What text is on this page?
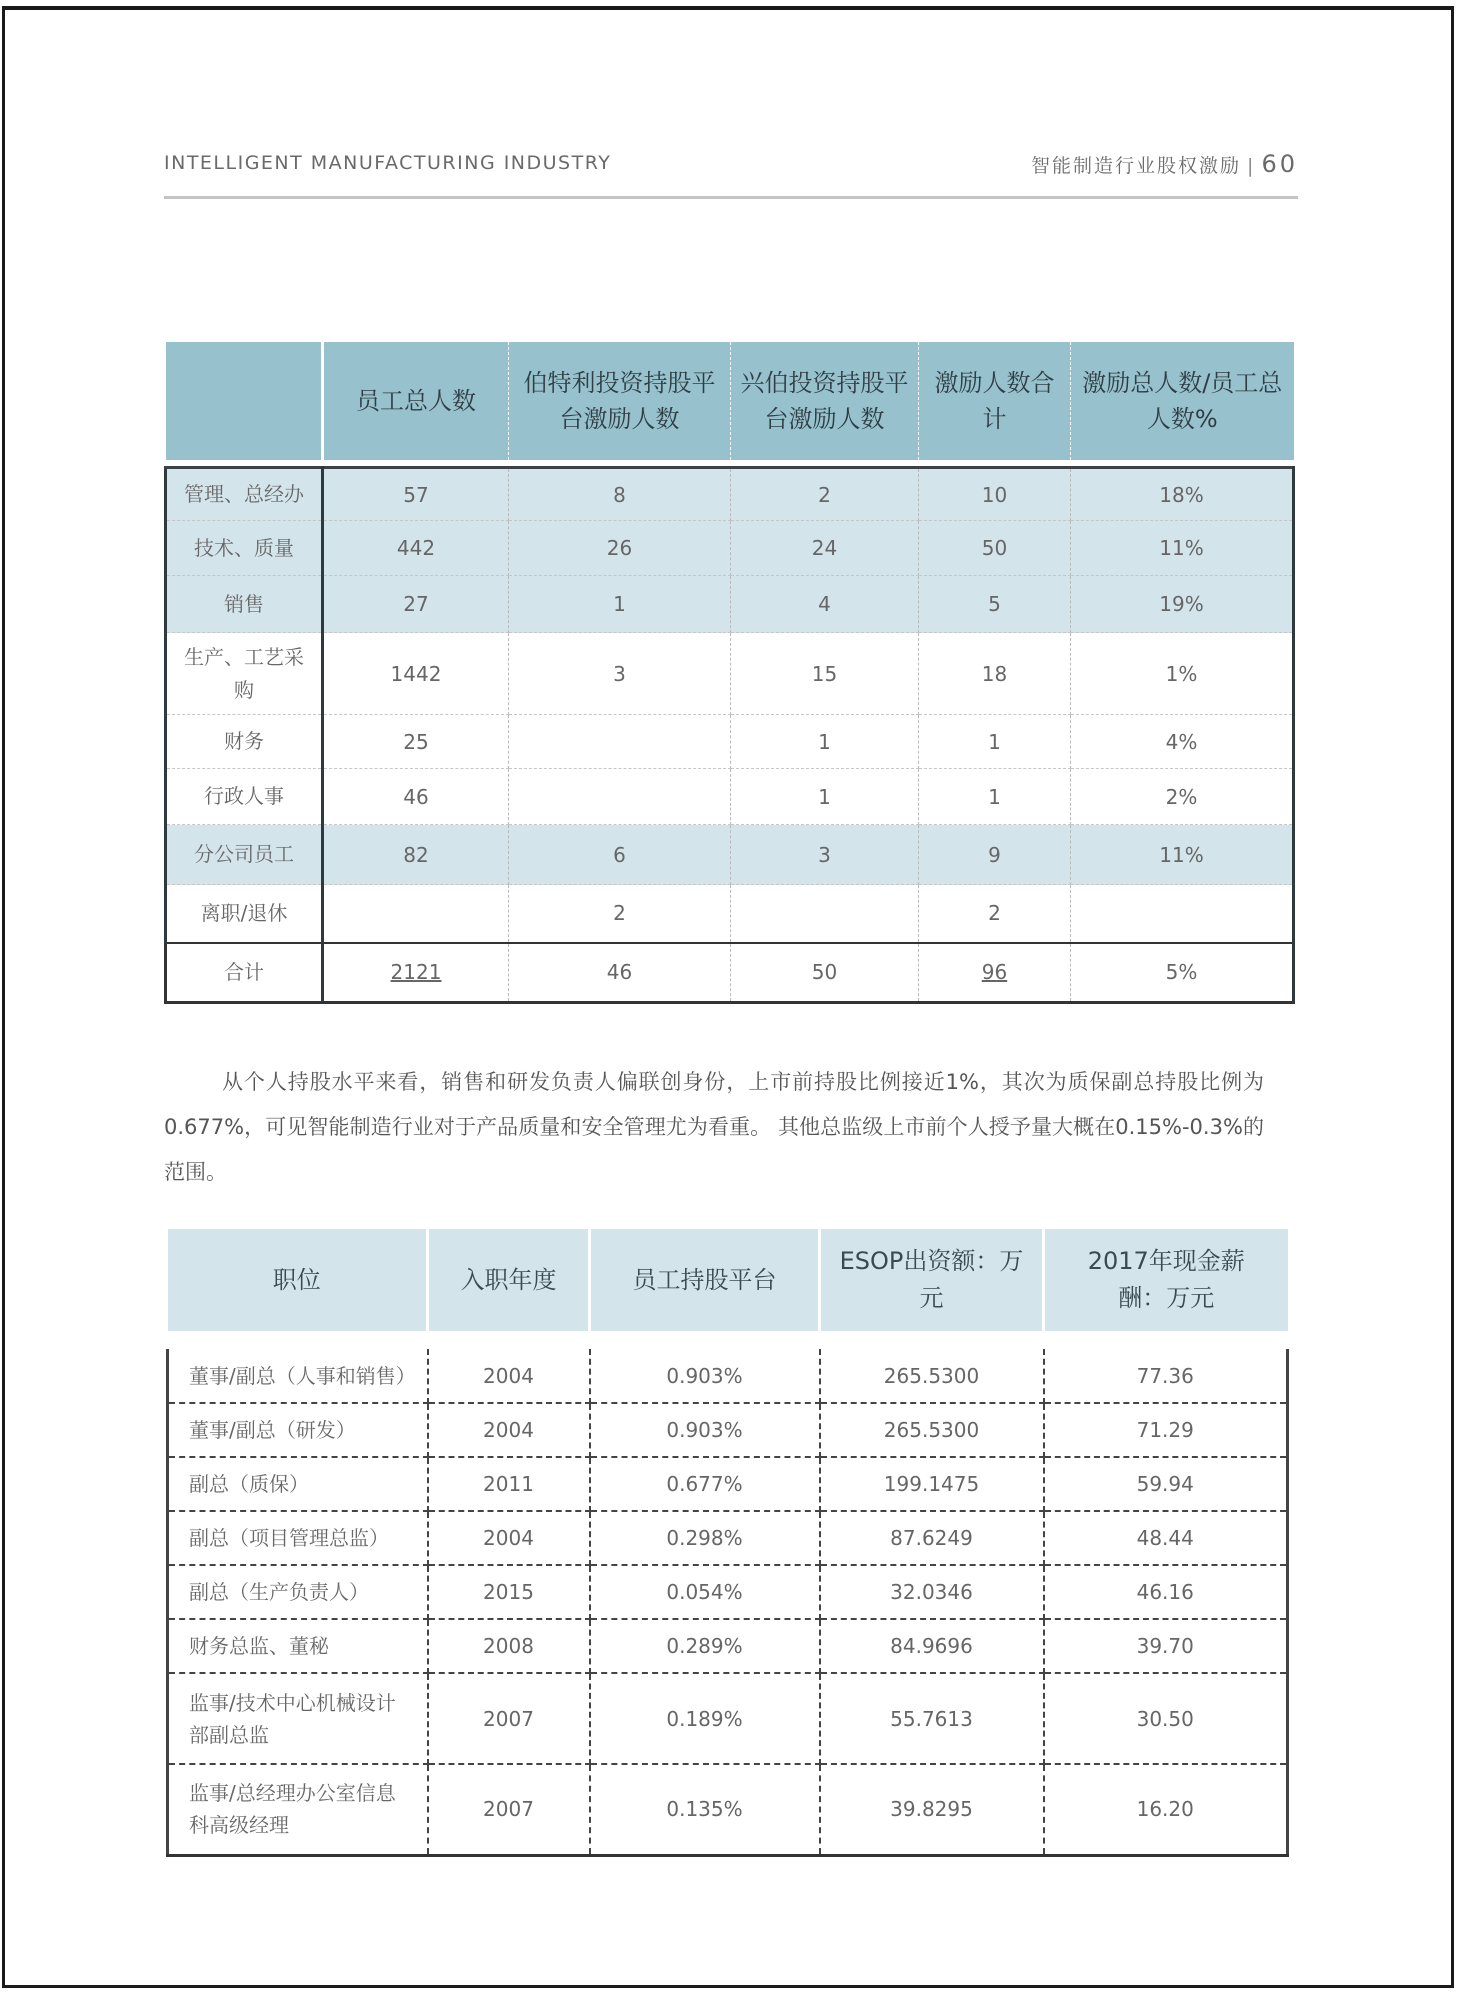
INTELLIGENT MANUFACTURING INDUSTRY	智能制造行业股权激励 | 60
	员工总人数	伯特利投资持股平台激励人数	兴伯投资持股平台激励人数	激励人数合计	激励总人数/员工总人数%

管理、总经办	57	8	2	10	18%
技术、质量	442	26	24	50	11%
销售	27	1	4	5	19%
生产、工艺采购	1442	3	15	18	1%
财务	25		1	1	4%
行政人事	46		1	1	2%
分公司员工	82	6	3	9	11%
离职/退休		2		2	
合计	2121	46	50	96	5%

从个人持股水平来看，销售和研发负责人偏联创身份，上市前持股比例接近1%，其次为质保副总持股比例为0.677%，可见智能制造行业对于产品质量和安全管理尤为看重。 其他总监级上市前个人授予量大概在0.15%-0.3%的范围。

职位	入职年度	员工持股平台	ESOP出资额：万元	2017年现金薪酬：万元

董事/副总（人事和销售）	2004	0.903%	265.5300	77.36
董事/副总（研发）	2004	0.903%	265.5300	71.29
副总（质保）	2011	0.677%	199.1475	59.94
副总（项目管理总监）	2004	0.298%	87.6249	48.44
副总（生产负责人）	2015	0.054%	32.0346	46.16
财务总监、董秘	2008	0.289%	84.9696	39.70
监事/技术中心机械设计部副总监	2007	0.189%	55.7613	30.50
监事/总经理办公室信息科高级经理	2007	0.135%	39.8295	16.20
